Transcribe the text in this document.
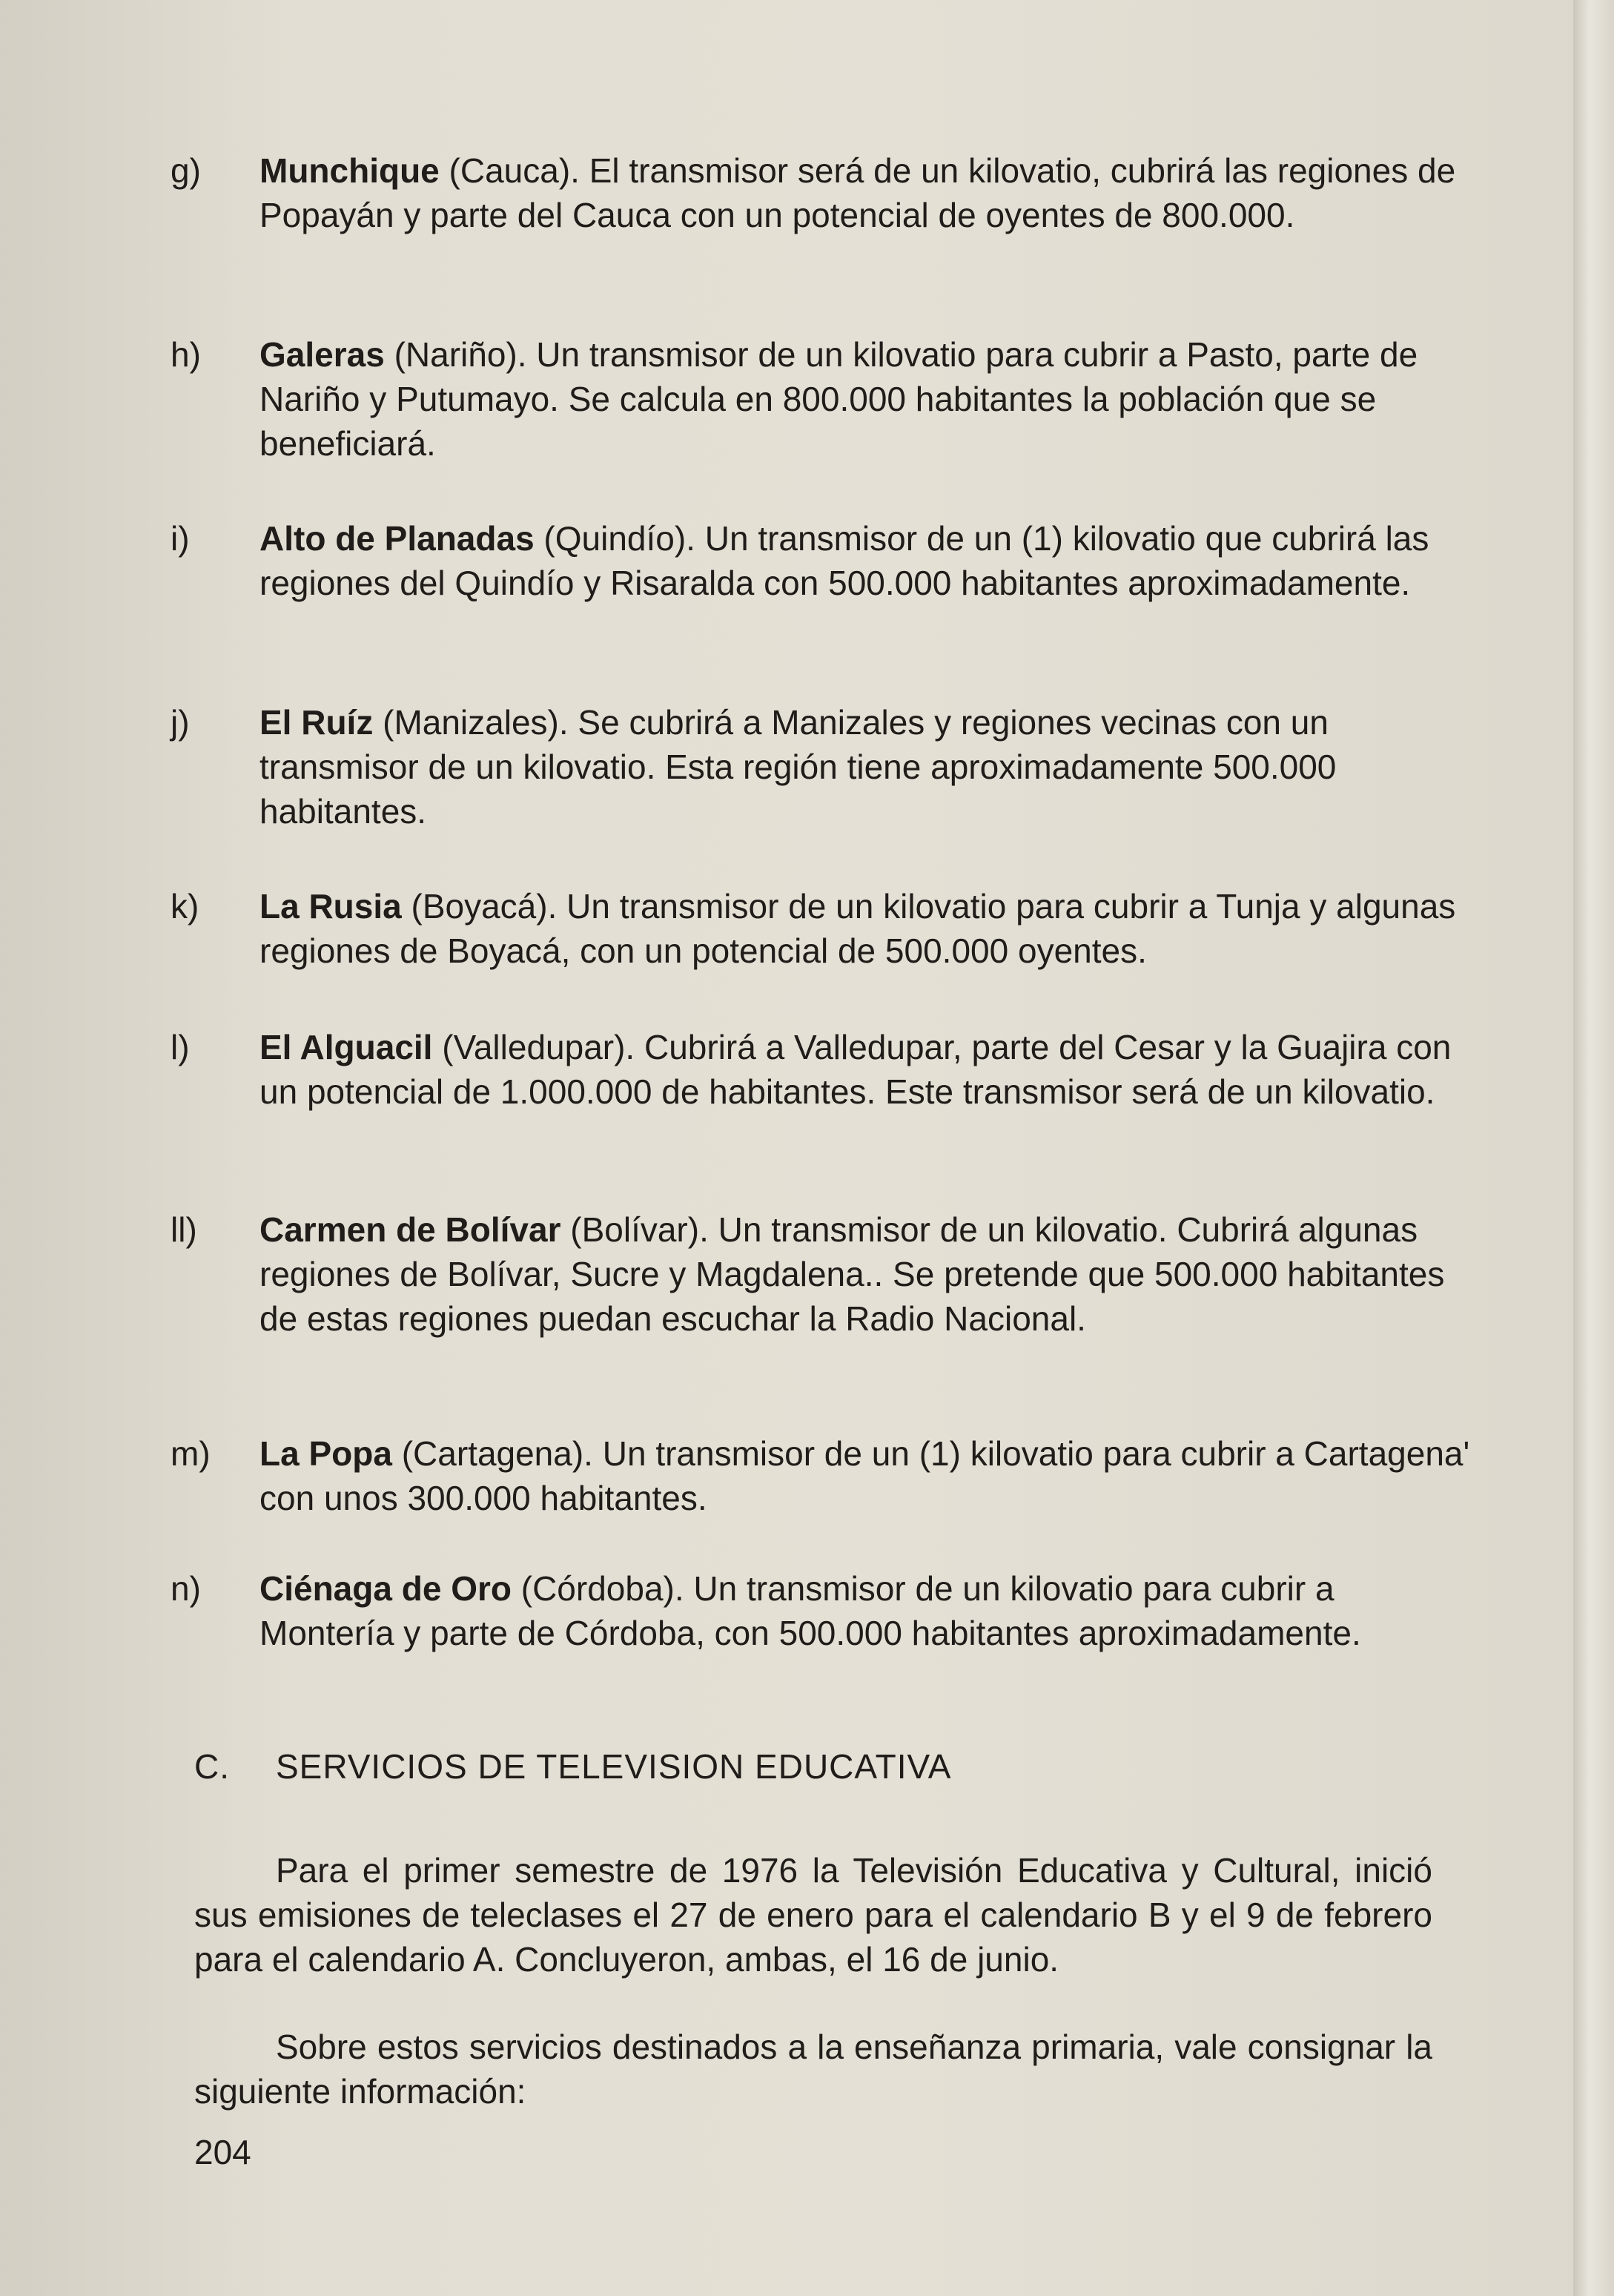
g) Munchique (Cauca). El transmisor será de un kilovatio, cubrirá las regiones de Popayán y parte del Cauca con un potencial de oyentes de 800.000.
h) Galeras (Nariño). Un transmisor de un kilovatio para cubrir a Pasto, parte de Nariño y Putumayo. Se calcula en 800.000 habitantes la población que se beneficiará.
i) Alto de Planadas (Quindío). Un transmisor de un (1) kilovatio que cubrirá las regiones del Quindío y Risaralda con 500.000 habitantes aproximadamente.
j) El Ruíz (Manizales). Se cubrirá a Manizales y regiones vecinas con un transmisor de un kilovatio. Esta región tiene aproximadamente 500.000 habitantes.
k) La Rusia (Boyacá). Un transmisor de un kilovatio para cubrir a Tunja y algunas regiones de Boyacá, con un potencial de 500.000 oyentes.
l) El Alguacil (Valledupar). Cubrirá a Valledupar, parte del Cesar y la Guajira con un potencial de 1.000.000 de habitantes. Este transmisor será de un kilovatio.
ll) Carmen de Bolívar (Bolívar). Un transmisor de un kilovatio. Cubrirá algunas regiones de Bolívar, Sucre y Magdalena.. Se pretende que 500.000 habitantes de estas regiones puedan escuchar la Radio Nacional.
m) La Popa (Cartagena). Un transmisor de un (1) kilovatio para cubrir a Cartagena' con unos 300.000 habitantes.
n) Ciénaga de Oro (Córdoba). Un transmisor de un kilovatio para cubrir a Montería y parte de Córdoba, con 500.000 habitantes aproximadamente.
C. SERVICIOS DE TELEVISION EDUCATIVA

Para el primer semestre de 1976 la Televisión Educativa y Cultural, inició sus emisiones de teleclases el 27 de enero para el calendario B y el 9 de febrero para el calendario A. Concluyeron, ambas, el 16 de junio.

Sobre estos servicios destinados a la enseñanza primaria, vale consignar la siguiente información:

204
